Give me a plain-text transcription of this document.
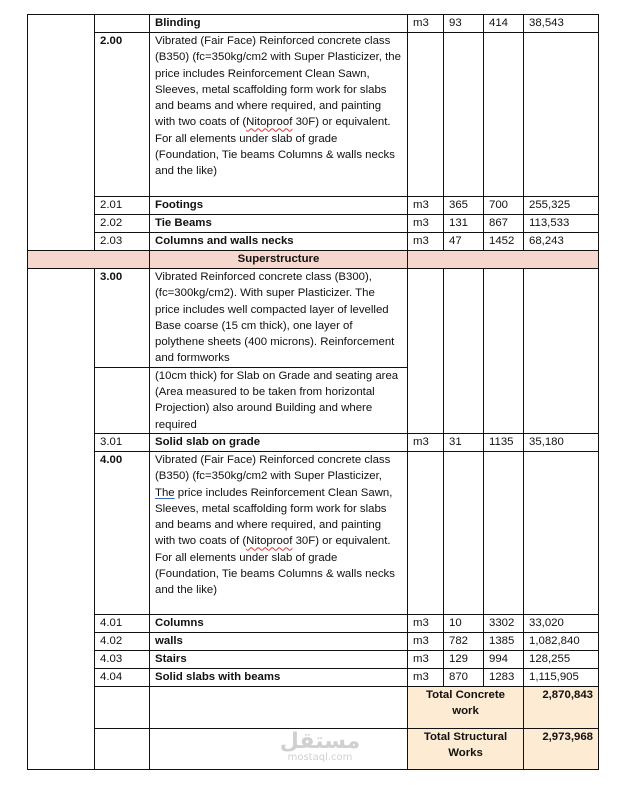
		Blinding	m3	93	414	38,543
	2.00	Vibrated (Fair Face) Reinforced concrete class (B350) (fc=350kg/cm2 with Super Plasticizer, the price includes Reinforcement Clean Sawn, Sleeves, metal scaffolding form work for slabs and beams and where required, and painting with two coats of (Nitoproof 30F) or equivalent. For all elements under slab of grade (Foundation, Tie beams Columns & walls necks and the like)				
	2.01	Footings	m3	365	700	255,325
	2.02	Tie Beams	m3	131	867	113,533
	2.03	Columns and walls necks	m3	47	1452	68,243
		Superstructure				
	3.00	Vibrated Reinforced concrete class (B300), (fc=300kg/cm2). With super Plasticizer. The price includes well compacted layer of levelled Base coarse (15 cm thick), one layer of polythene sheets (400 microns). Reinforcement and formworks				
		(10cm thick) for Slab on Grade and seating area (Area measured to be taken from horizontal Projection) also around Building and where required				
	3.01	Solid slab on grade	m3	31	1135	35,180
	4.00	Vibrated (Fair Face) Reinforced concrete class (B350) (fc=350kg/cm2 with Super Plasticizer, The price includes Reinforcement Clean Sawn, Sleeves, metal scaffolding form work for slabs and beams and where required, and painting with two coats of (Nitoproof 30F) or equivalent. For all elements under slab of grade (Foundation, Tie beams Columns & walls necks and the like)				
	4.01	Columns	m3	10	3302	33,020
	4.02	walls	m3	782	1385	1,082,840
	4.03	Stairs	m3	129	994	128,255
	4.04	Solid slabs with beams	m3	870	1283	1,115,905
			Total Concrete work			2,870,843
			Total Structural Works			2,973,968
مستقل
mostaql.com
